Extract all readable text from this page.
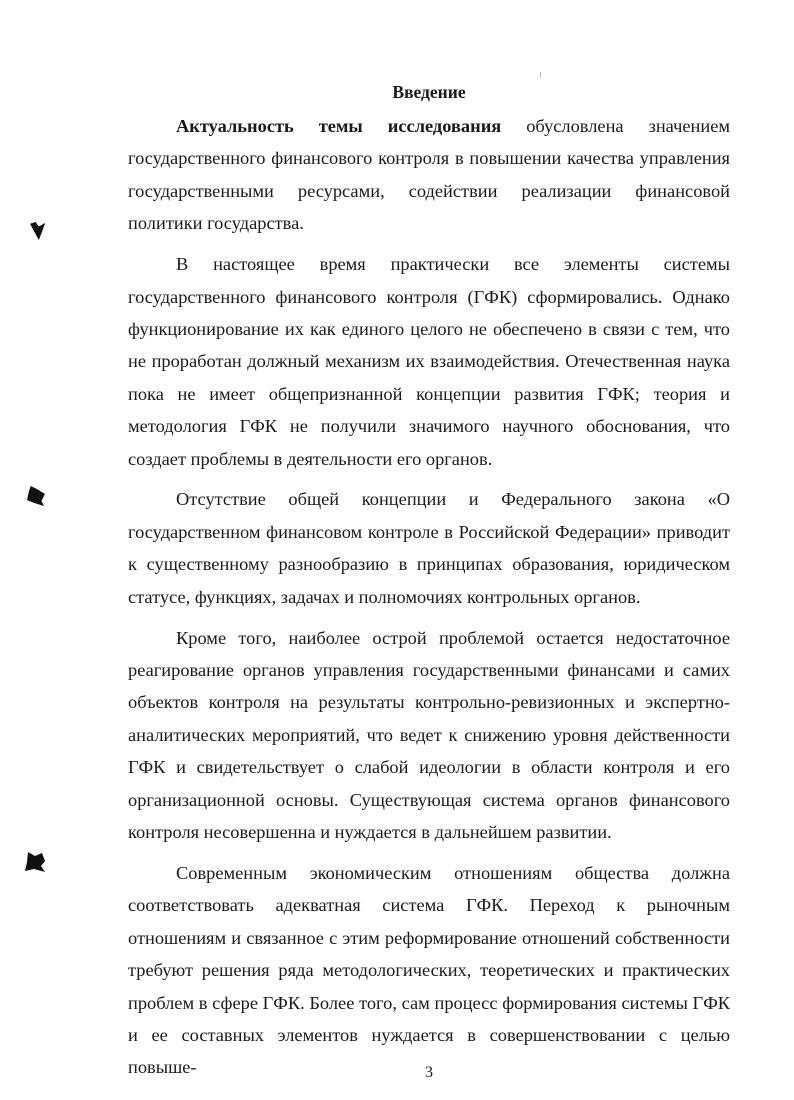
Введение

Актуальность темы исследования обусловлена значением государственного финансового контроля в повышении качества управления государственными ресурсами, содействии реализации финансовой политики государства.

В настоящее время практически все элементы системы государственного финансового контроля (ГФК) сформировались. Однако функционирование их как единого целого не обеспечено в связи с тем, что не проработан должный механизм их взаимодействия. Отечественная наука пока не имеет общепризнанной концепции развития ГФК; теория и методология ГФК не получили значимого научного обоснования, что создает проблемы в деятельности его органов.

Отсутствие общей концепции и Федерального закона «О государственном финансовом контроле в Российской Федерации» приводит к существенному разнообразию в принципах образования, юридическом статусе, функциях, задачах и полномочиях контрольных органов.

Кроме того, наиболее острой проблемой остается недостаточное реагирование органов управления государственными финансами и самих объектов контроля на результаты контрольно-ревизионных и экспертно-аналитических мероприятий, что ведет к снижению уровня действенности ГФК и свидетельствует о слабой идеологии в области контроля и его организационной основы. Существующая система органов финансового контроля несовершенна и нуждается в дальнейшем развитии.

Современным экономическим отношениям общества должна соответствовать адекватная система ГФК. Переход к рыночным отношениям и связанное с этим реформирование отношений собственности требуют решения ряда методологических, теоретических и практических проблем в сфере ГФК. Более того, сам процесс формирования системы ГФК и ее составных элементов нуждается в совершенствовании с целью повыше-	3
